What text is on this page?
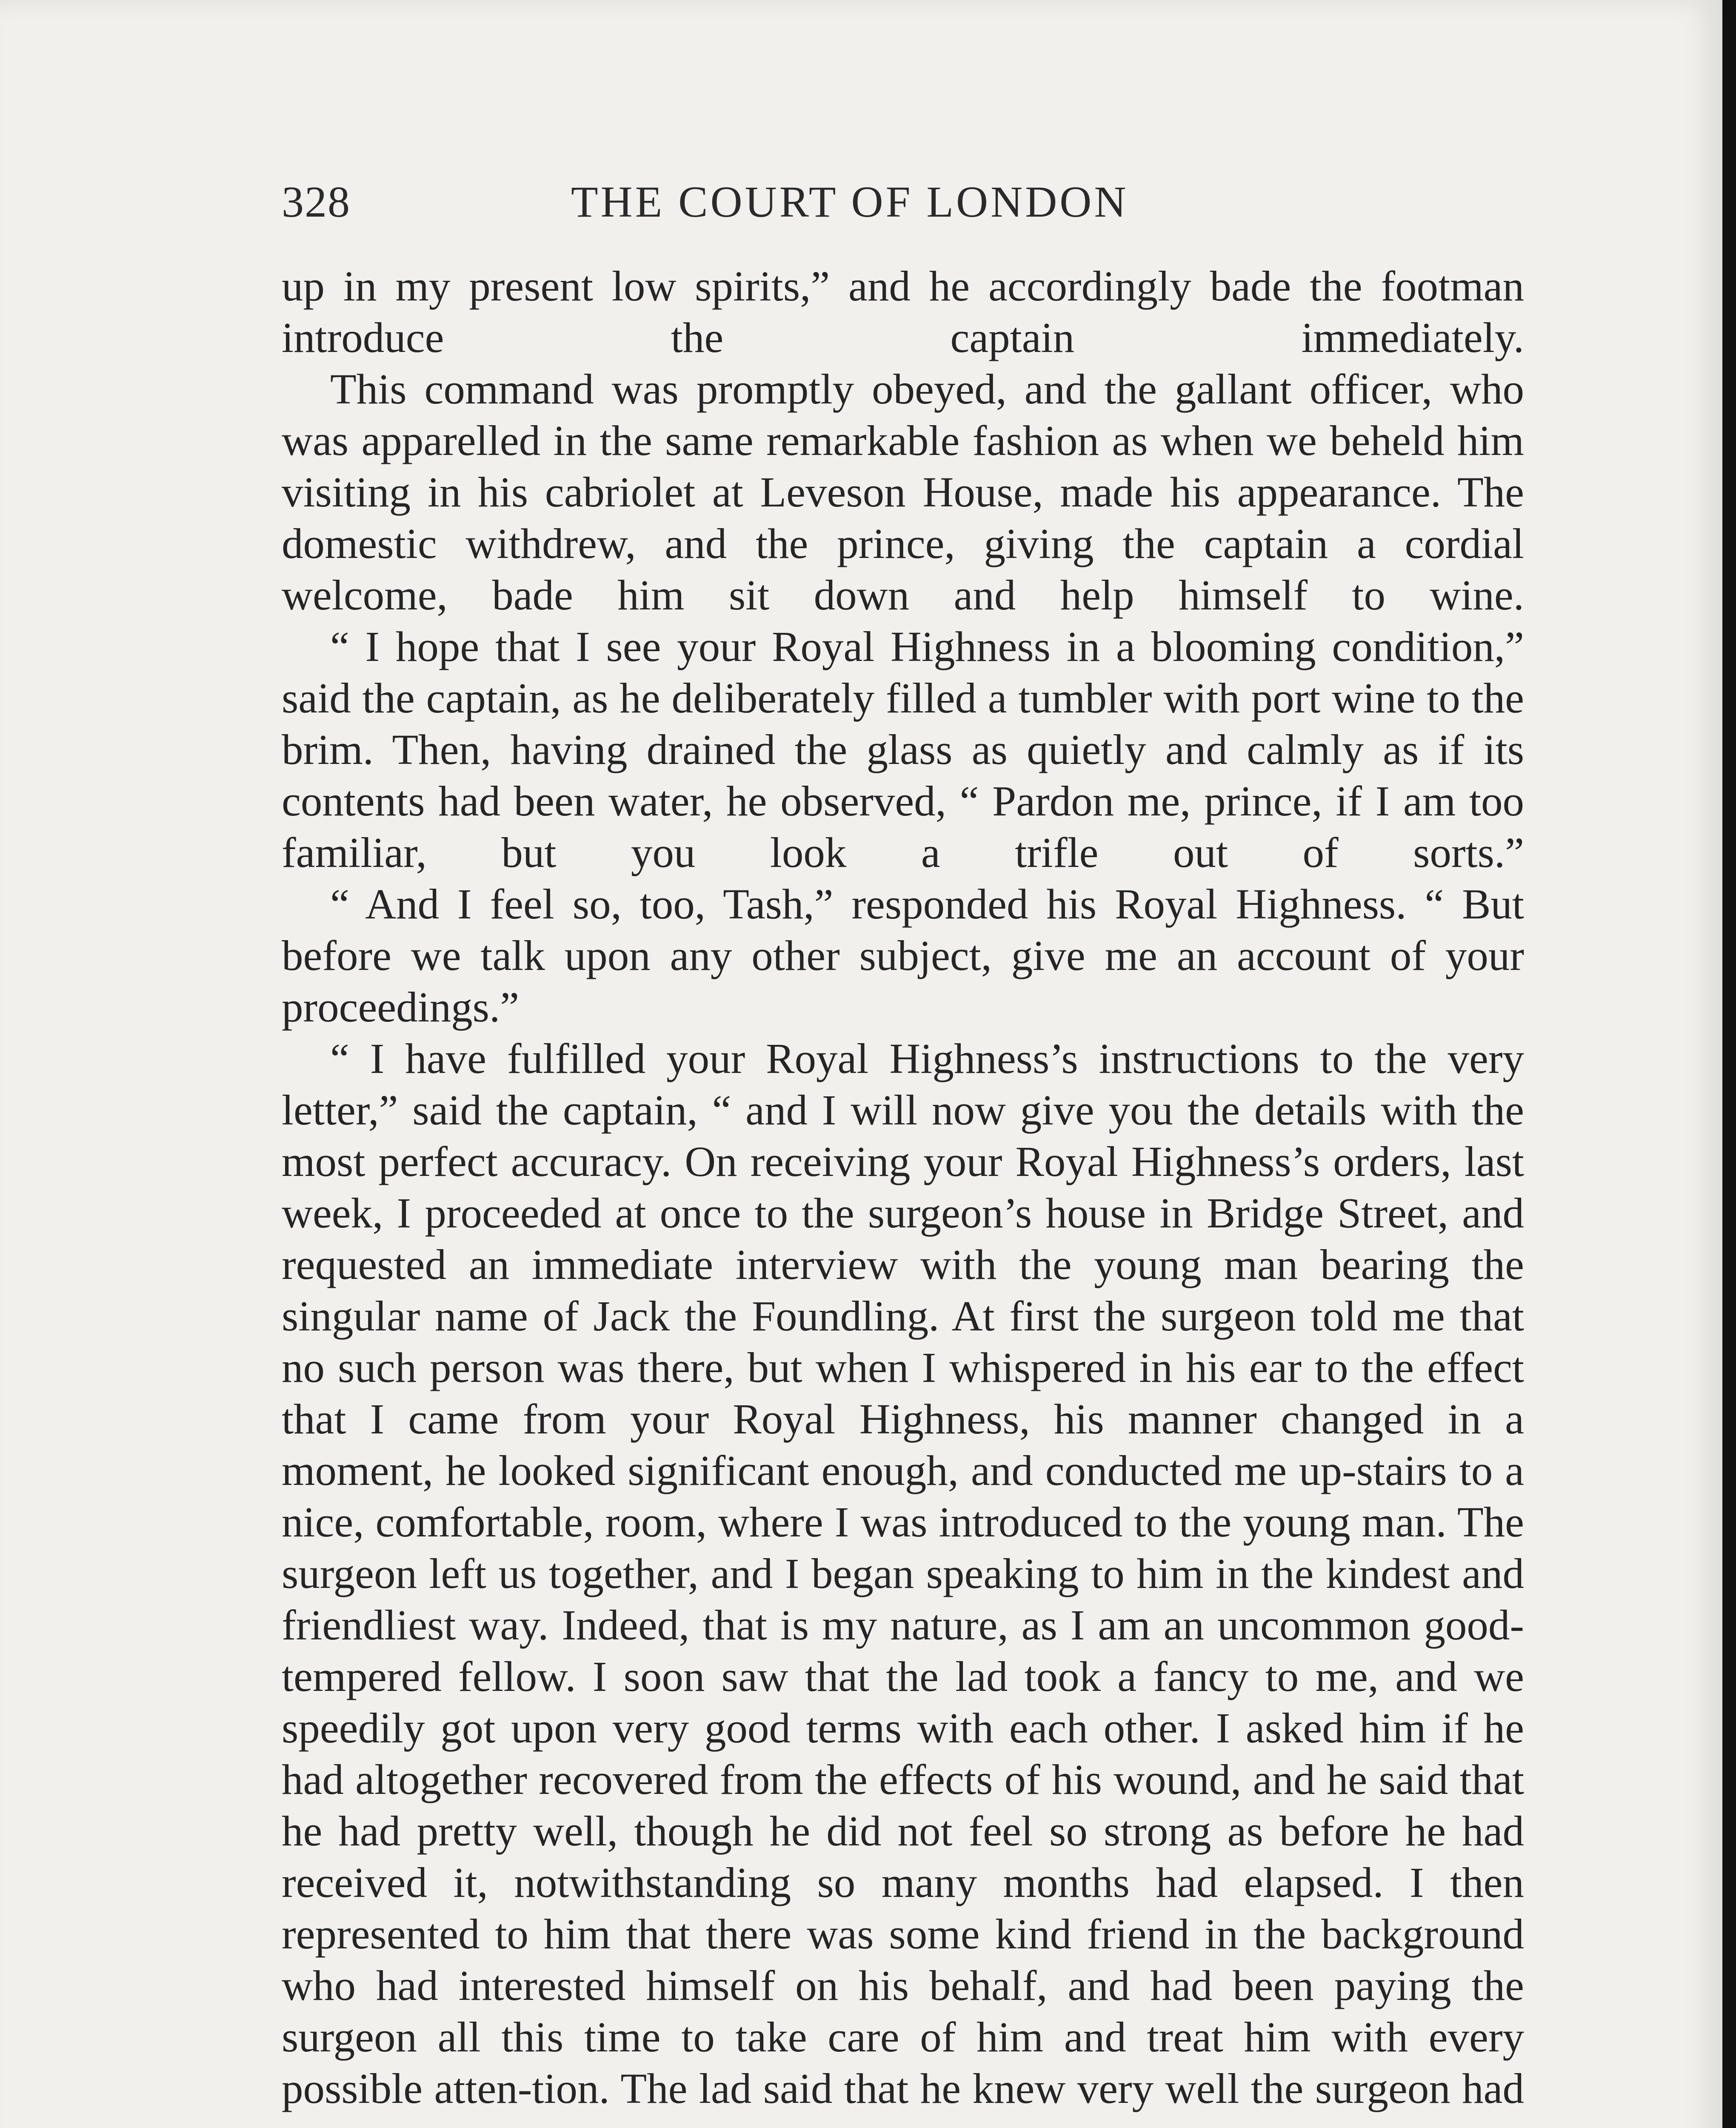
328	THE COURT OF LONDON

up in my present low spirits,” and he accordingly bade the footman introduce the captain immediately.

This command was promptly obeyed, and the gallant officer, who was apparelled in the same remarkable fashion as when we beheld him visiting in his cabriolet at Leveson House, made his appearance. The domestic withdrew, and the prince, giving the captain a cordial welcome, bade him sit down and help himself to wine.

“ I hope that I see your Royal Highness in a blooming condition,” said the captain, as he deliberately filled a tumbler with port wine to the brim. Then, having drained the glass as quietly and calmly as if its contents had been water, he observed, “ Pardon me, prince, if I am too familiar, but you look a trifle out of sorts.”

“ And I feel so, too, Tash,” responded his Royal Highness. “ But before we talk upon any other subject, give me an account of your proceedings.”

“ I have fulfilled your Royal Highness’s instructions to the very letter,” said the captain, “ and I will now give you the details with the most perfect accuracy. On receiving your Royal Highness’s orders, last week, I proceeded at once to the surgeon’s house in Bridge Street, and requested an immediate interview with the young man bearing the singular name of Jack the Foundling. At first the surgeon told me that no such person was there, but when I whispered in his ear to the effect that I came from your Royal Highness, his manner changed in a moment, he looked significant enough, and conducted me up-stairs to a nice, comfortable, room, where I was introduced to the young man. The surgeon left us together, and I began speaking to him in the kindest and friendliest way. Indeed, that is my nature, as I am an uncommon good-tempered fellow. I soon saw that the lad took a fancy to me, and we speedily got upon very good terms with each other. I asked him if he had altogether recovered from the effects of his wound, and he said that he had pretty well, though he did not feel so strong as before he had received it, notwithstanding so many months had elapsed. I then represented to him that there was some kind friend in the background who had interested himself on his behalf, and had been paying the surgeon all this time to take care of him and treat him with every possible atten-tion. The lad said that he knew very well the surgeon had
